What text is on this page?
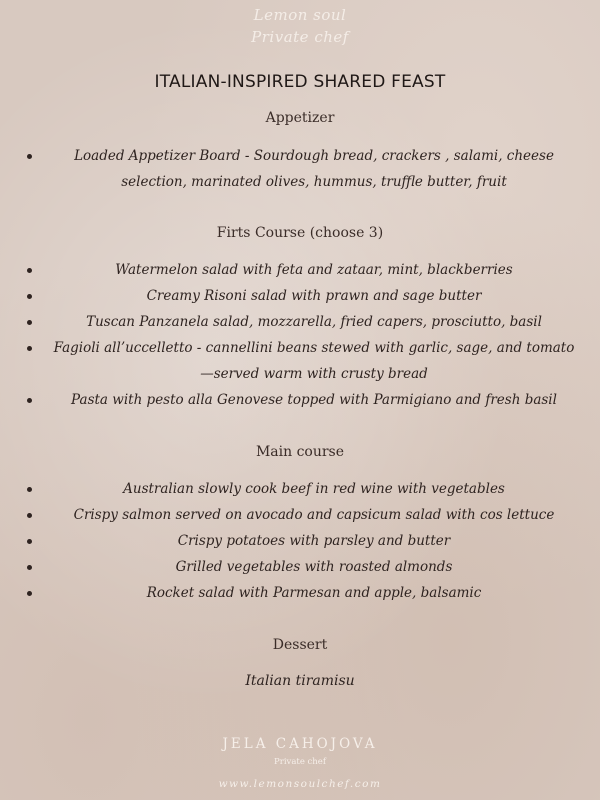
Lemon soul
Private chef
ITALIAN-INSPIRED SHARED FEAST
Appetizer
Loaded Appetizer Board - Sourdough bread, crackers , salami, cheese selection, marinated olives, hummus, truffle butter, fruit
Firts Course (choose 3)
Watermelon salad with feta and zataar, mint, blackberries
Creamy Risoni salad with prawn and sage butter
Tuscan Panzanela salad, mozzarella, fried capers, prosciutto, basil
Fagioli all’uccelletto - cannellini beans stewed with garlic, sage, and tomato—served warm with crusty bread
Pasta with pesto alla Genovese topped with Parmigiano and fresh basil
Main course
Australian slowly cook beef in red wine with vegetables
Crispy salmon served on avocado and capsicum salad with cos lettuce
Crispy potatoes with parsley and butter
Grilled vegetables with roasted almonds
Rocket salad with Parmesan and apple, balsamic
Dessert
Italian tiramisu
JELA CAHOJOVA
Private chef
www.lemonsoulchef.com
